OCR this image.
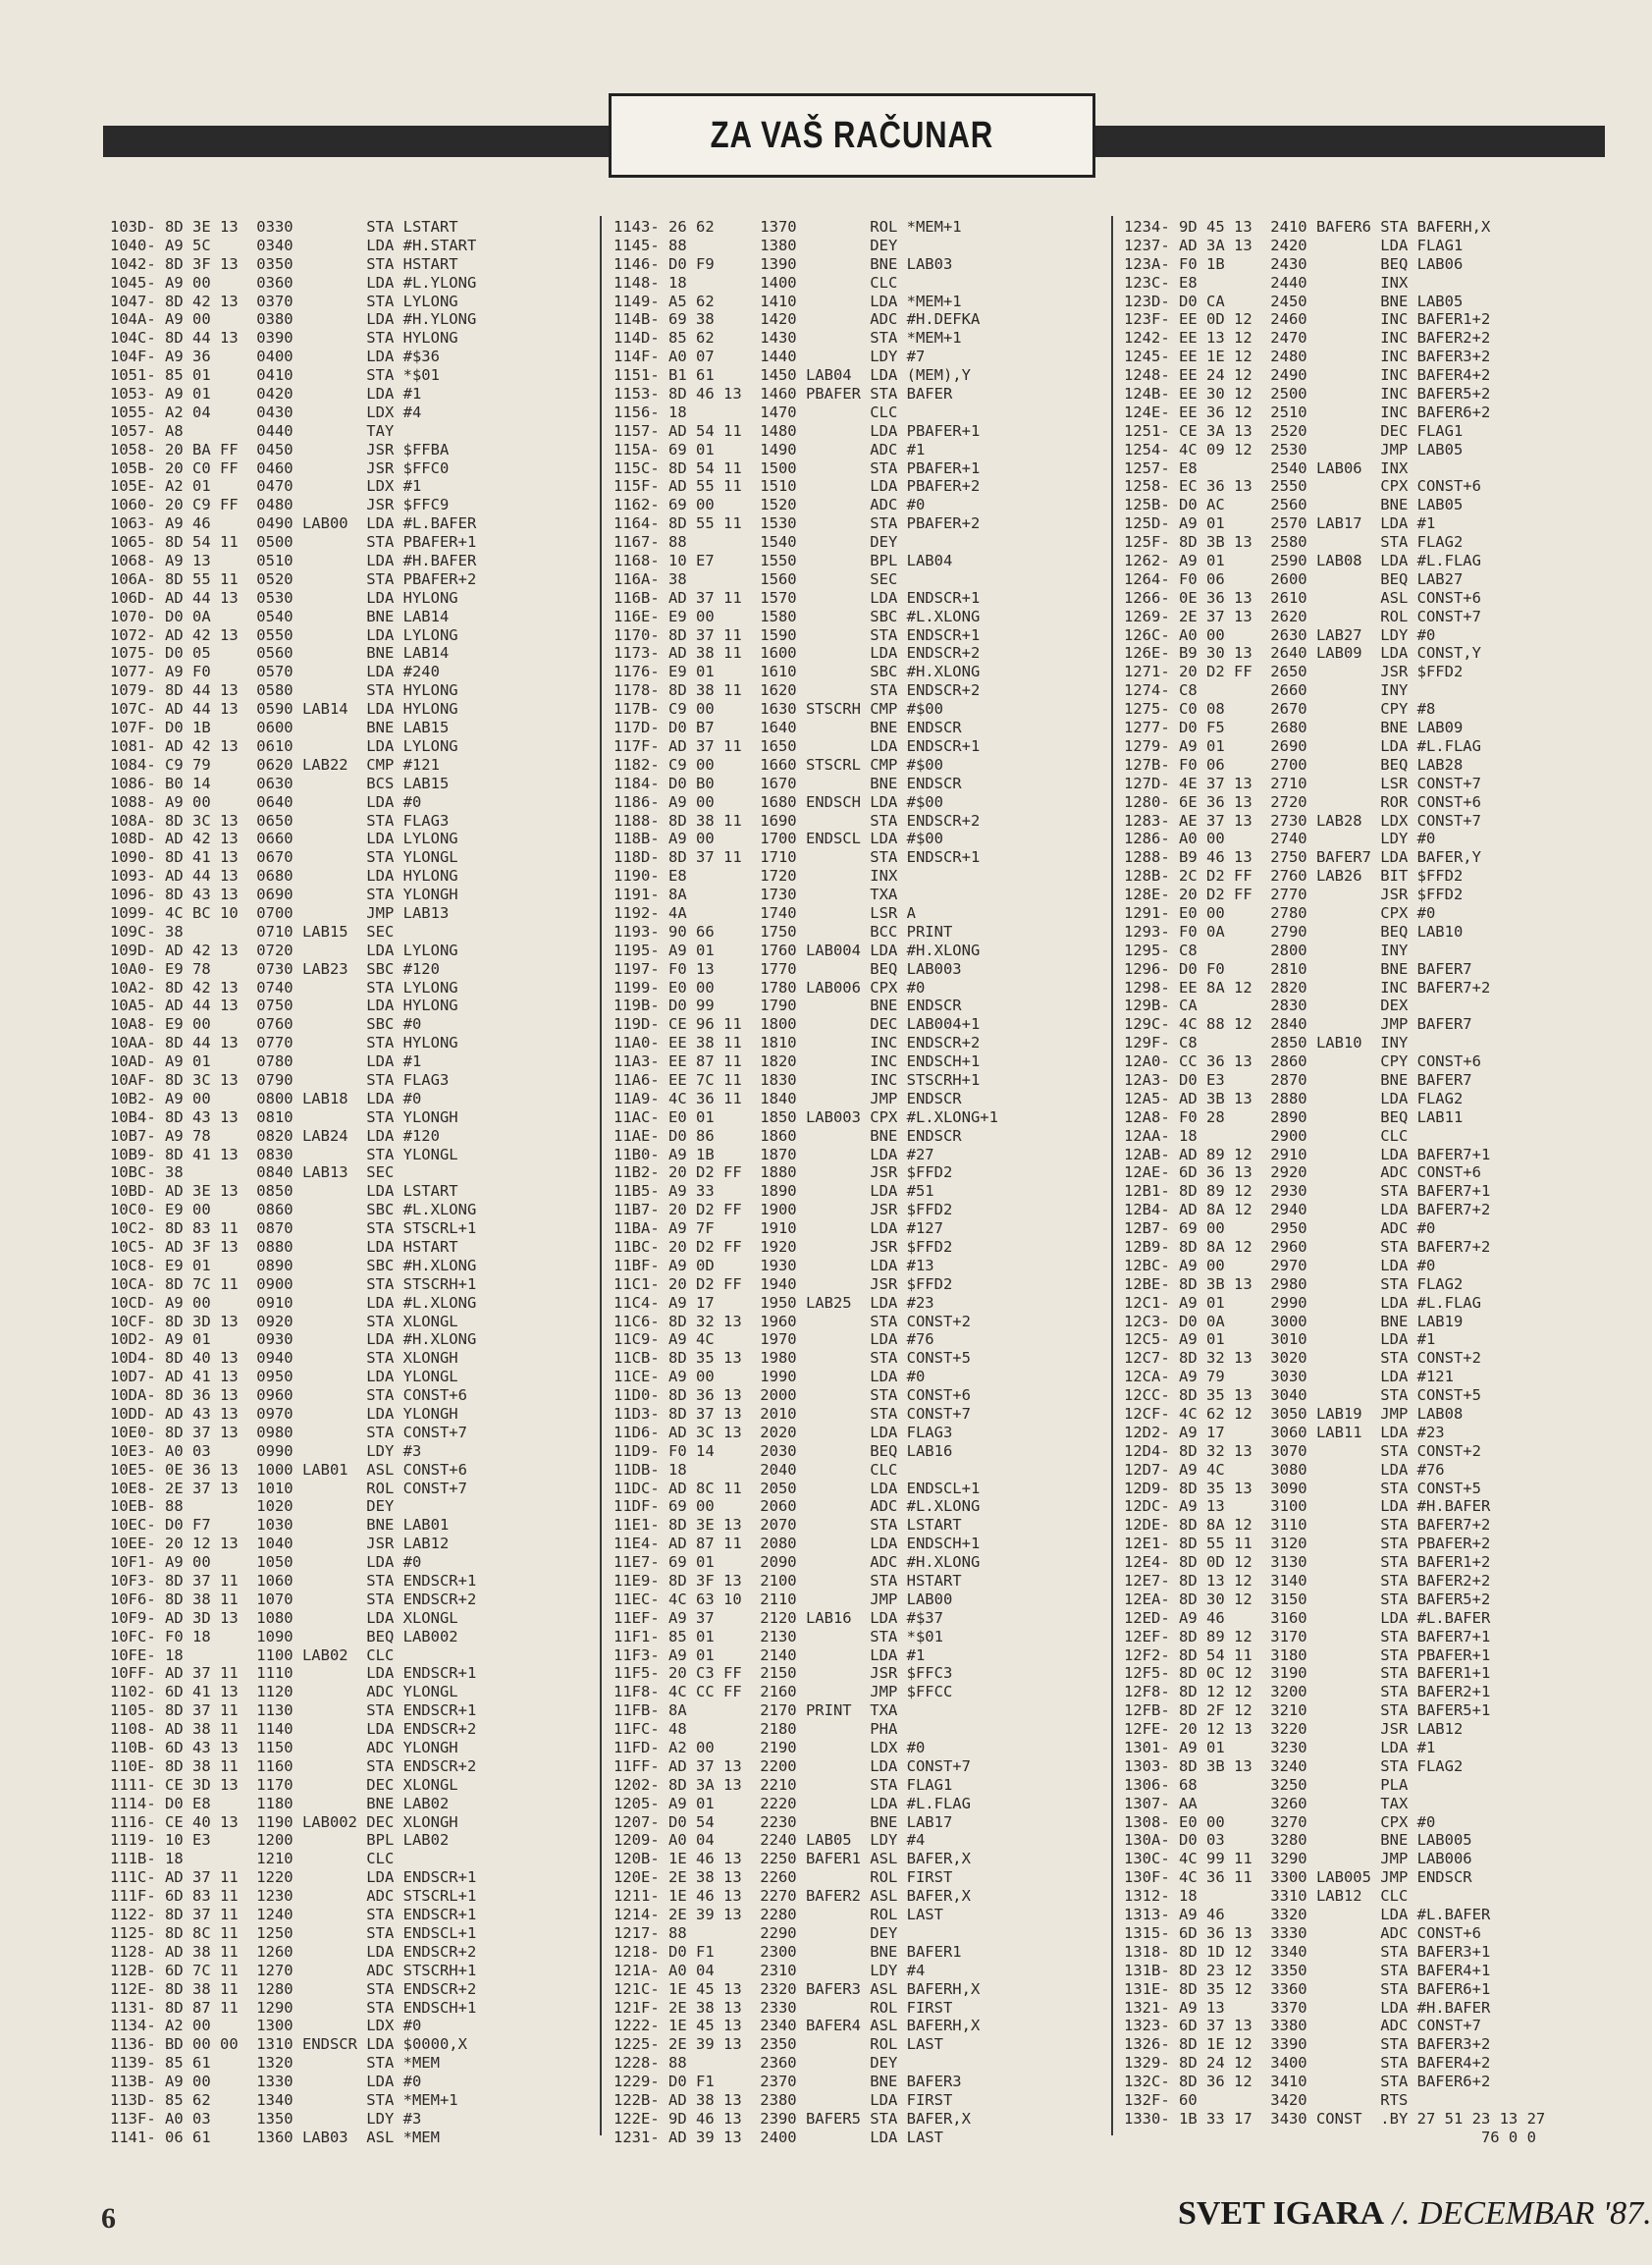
ZA VAŠ RAČUNAR
103D- 8D 3E 13  0330        STA LSTART
1040- A9 5C     0340        LDA #H.START
1042- 8D 3F 13  0350        STA HSTART
1045- A9 00     0360        LDA #L.YLONG
1047- 8D 42 13  0370        STA LYLONG
104A- A9 00     0380        LDA #H.YLONG
104C- 8D 44 13  0390        STA HYLONG
104F- A9 36     0400        LDA #$36
1051- 85 01     0410        STA *$01
1053- A9 01     0420        LDA #1
1055- A2 04     0430        LDX #4
1057- A8        0440        TAY
1058- 20 BA FF  0450        JSR $FFBA
105B- 20 C0 FF  0460        JSR $FFC0
105E- A2 01     0470        LDX #1
1060- 20 C9 FF  0480        JSR $FFC9
1063- A9 46     0490 LAB00  LDA #L.BAFER
1065- 8D 54 11  0500        STA PBAFER+1
1068- A9 13     0510        LDA #H.BAFER
106A- 8D 55 11  0520        STA PBAFER+2
106D- AD 44 13  0530        LDA HYLONG
1070- D0 0A     0540        BNE LAB14
1072- AD 42 13  0550        LDA LYLONG
1075- D0 05     0560        BNE LAB14
1077- A9 F0     0570        LDA #240
1079- 8D 44 13  0580        STA HYLONG
107C- AD 44 13  0590 LAB14  LDA HYLONG
107F- D0 1B     0600        BNE LAB15
1081- AD 42 13  0610        LDA LYLONG
1084- C9 79     0620 LAB22  CMP #121
1086- B0 14     0630        BCS LAB15
1088- A9 00     0640        LDA #0
108A- 8D 3C 13  0650        STA FLAG3
108D- AD 42 13  0660        LDA LYLONG
1090- 8D 41 13  0670        STA YLONGL
1093- AD 44 13  0680        LDA HYLONG
1096- 8D 43 13  0690        STA YLONGH
1099- 4C BC 10  0700        JMP LAB13
109C- 38        0710 LAB15  SEC
109D- AD 42 13  0720        LDA LYLONG
10A0- E9 78     0730 LAB23  SBC #120
10A2- 8D 42 13  0740        STA LYLONG
10A5- AD 44 13  0750        LDA HYLONG
10A8- E9 00     0760        SBC #0
10AA- 8D 44 13  0770        STA HYLONG
10AD- A9 01     0780        LDA #1
10AF- 8D 3C 13  0790        STA FLAG3
10B2- A9 00     0800 LAB18  LDA #0
10B4- 8D 43 13  0810        STA YLONGH
10B7- A9 78     0820 LAB24  LDA #120
10B9- 8D 41 13  0830        STA YLONGL
10BC- 38        0840 LAB13  SEC
10BD- AD 3E 13  0850        LDA LSTART
10C0- E9 00     0860        SBC #L.XLONG
10C2- 8D 83 11  0870        STA STSCRL+1
10C5- AD 3F 13  0880        LDA HSTART
10C8- E9 01     0890        SBC #H.XLONG
10CA- 8D 7C 11  0900        STA STSCRH+1
10CD- A9 00     0910        LDA #L.XLONG
10CF- 8D 3D 13  0920        STA XLONGL
10D2- A9 01     0930        LDA #H.XLONG
10D4- 8D 40 13  0940        STA XLONGH
10D7- AD 41 13  0950        LDA YLONGL
10DA- 8D 36 13  0960        STA CONST+6
10DD- AD 43 13  0970        LDA YLONGH
10E0- 8D 37 13  0980        STA CONST+7
10E3- A0 03     0990        LDY #3
10E5- 0E 36 13  1000 LAB01  ASL CONST+6
10E8- 2E 37 13  1010        ROL CONST+7
10EB- 88        1020        DEY
10EC- D0 F7     1030        BNE LAB01
10EE- 20 12 13  1040        JSR LAB12
10F1- A9 00     1050        LDA #0
10F3- 8D 37 11  1060        STA ENDSCR+1
10F6- 8D 38 11  1070        STA ENDSCR+2
10F9- AD 3D 13  1080        LDA XLONGL
10FC- F0 18     1090        BEQ LAB002
10FE- 18        1100 LAB02  CLC
10FF- AD 37 11  1110        LDA ENDSCR+1
1102- 6D 41 13  1120        ADC YLONGL
1105- 8D 37 11  1130        STA ENDSCR+1
1108- AD 38 11  1140        LDA ENDSCR+2
110B- 6D 43 13  1150        ADC YLONGH
110E- 8D 38 11  1160        STA ENDSCR+2
1111- CE 3D 13  1170        DEC XLONGL
1114- D0 E8     1180        BNE LAB02
1116- CE 40 13  1190 LAB002 DEC XLONGH
1119- 10 E3     1200        BPL LAB02
111B- 18        1210        CLC
111C- AD 37 11  1220        LDA ENDSCR+1
111F- 6D 83 11  1230        ADC STSCRL+1
1122- 8D 37 11  1240        STA ENDSCR+1
1125- 8D 8C 11  1250        STA ENDSCL+1
1128- AD 38 11  1260        LDA ENDSCR+2
112B- 6D 7C 11  1270        ADC STSCRH+1
112E- 8D 38 11  1280        STA ENDSCR+2
1131- 8D 87 11  1290        STA ENDSCH+1
1134- A2 00     1300        LDX #0
1136- BD 00 00  1310 ENDSCR LDA $0000,X
1139- 85 61     1320        STA *MEM
113B- A9 00     1330        LDA #0
113D- 85 62     1340        STA *MEM+1
113F- A0 03     1350        LDY #3
1141- 06 61     1360 LAB03  ASL *MEM
1143- 26 62     1370        ROL *MEM+1
1145- 88        1380        DEY
1146- D0 F9     1390        BNE LAB03
1148- 18        1400        CLC
1149- A5 62     1410        LDA *MEM+1
114B- 69 38     1420        ADC #H.DEFKA
114D- 85 62     1430        STA *MEM+1
114F- A0 07     1440        LDY #7
1151- B1 61     1450 LAB04  LDA (MEM),Y
1153- 8D 46 13  1460 PBAFER STA BAFER
1156- 18        1470        CLC
1157- AD 54 11  1480        LDA PBAFER+1
115A- 69 01     1490        ADC #1
115C- 8D 54 11  1500        STA PBAFER+1
115F- AD 55 11  1510        LDA PBAFER+2
1162- 69 00     1520        ADC #0
1164- 8D 55 11  1530        STA PBAFER+2
1167- 88        1540        DEY
1168- 10 E7     1550        BPL LAB04
116A- 38        1560        SEC
116B- AD 37 11  1570        LDA ENDSCR+1
116E- E9 00     1580        SBC #L.XLONG
1170- 8D 37 11  1590        STA ENDSCR+1
1173- AD 38 11  1600        LDA ENDSCR+2
1176- E9 01     1610        SBC #H.XLONG
1178- 8D 38 11  1620        STA ENDSCR+2
117B- C9 00     1630 STSCRH CMP #$00
117D- D0 B7     1640        BNE ENDSCR
117F- AD 37 11  1650        LDA ENDSCR+1
1182- C9 00     1660 STSCRL CMP #$00
1184- D0 B0     1670        BNE ENDSCR
1186- A9 00     1680 ENDSCH LDA #$00
1188- 8D 38 11  1690        STA ENDSCR+2
118B- A9 00     1700 ENDSCL LDA #$00
118D- 8D 37 11  1710        STA ENDSCR+1
1190- E8        1720        INX
1191- 8A        1730        TXA
1192- 4A        1740        LSR A
1193- 90 66     1750        BCC PRINT
1195- A9 01     1760 LAB004 LDA #H.XLONG
1197- F0 13     1770        BEQ LAB003
1199- E0 00     1780 LAB006 CPX #0
119B- D0 99     1790        BNE ENDSCR
119D- CE 96 11  1800        DEC LAB004+1
11A0- EE 38 11  1810        INC ENDSCR+2
11A3- EE 87 11  1820        INC ENDSCH+1
11A6- EE 7C 11  1830        INC STSCRH+1
11A9- 4C 36 11  1840        JMP ENDSCR
11AC- E0 01     1850 LAB003 CPX #L.XLONG+1
11AE- D0 86     1860        BNE ENDSCR
11B0- A9 1B     1870        LDA #27
11B2- 20 D2 FF  1880        JSR $FFD2
11B5- A9 33     1890        LDA #51
11B7- 20 D2 FF  1900        JSR $FFD2
11BA- A9 7F     1910        LDA #127
11BC- 20 D2 FF  1920        JSR $FFD2
11BF- A9 0D     1930        LDA #13
11C1- 20 D2 FF  1940        JSR $FFD2
11C4- A9 17     1950 LAB25  LDA #23
11C6- 8D 32 13  1960        STA CONST+2
11C9- A9 4C     1970        LDA #76
11CB- 8D 35 13  1980        STA CONST+5
11CE- A9 00     1990        LDA #0
11D0- 8D 36 13  2000        STA CONST+6
11D3- 8D 37 13  2010        STA CONST+7
11D6- AD 3C 13  2020        LDA FLAG3
11D9- F0 14     2030        BEQ LAB16
11DB- 18        2040        CLC
11DC- AD 8C 11  2050        LDA ENDSCL+1
11DF- 69 00     2060        ADC #L.XLONG
11E1- 8D 3E 13  2070        STA LSTART
11E4- AD 87 11  2080        LDA ENDSCH+1
11E7- 69 01     2090        ADC #H.XLONG
11E9- 8D 3F 13  2100        STA HSTART
11EC- 4C 63 10  2110        JMP LAB00
11EF- A9 37     2120 LAB16  LDA #$37
11F1- 85 01     2130        STA *$01
11F3- A9 01     2140        LDA #1
11F5- 20 C3 FF  2150        JSR $FFC3
11F8- 4C CC FF  2160        JMP $FFCC
11FB- 8A        2170 PRINT  TXA
11FC- 48        2180        PHA
11FD- A2 00     2190        LDX #0
11FF- AD 37 13  2200        LDA CONST+7
1202- 8D 3A 13  2210        STA FLAG1
1205- A9 01     2220        LDA #L.FLAG
1207- D0 54     2230        BNE LAB17
1209- A0 04     2240 LAB05  LDY #4
120B- 1E 46 13  2250 BAFER1 ASL BAFER,X
120E- 2E 38 13  2260        ROL FIRST
1211- 1E 46 13  2270 BAFER2 ASL BAFER,X
1214- 2E 39 13  2280        ROL LAST
1217- 88        2290        DEY
1218- D0 F1     2300        BNE BAFER1
121A- A0 04     2310        LDY #4
121C- 1E 45 13  2320 BAFER3 ASL BAFERH,X
121F- 2E 38 13  2330        ROL FIRST
1222- 1E 45 13  2340 BAFER4 ASL BAFERH,X
1225- 2E 39 13  2350        ROL LAST
1228- 88        2360        DEY
1229- D0 F1     2370        BNE BAFER3
122B- AD 38 13  2380        LDA FIRST
122E- 9D 46 13  2390 BAFER5 STA BAFER,X
1231- AD 39 13  2400        LDA LAST
1234- 9D 45 13  2410 BAFER6 STA BAFERH,X
1237- AD 3A 13  2420        LDA FLAG1
123A- F0 1B     2430        BEQ LAB06
123C- E8        2440        INX
123D- D0 CA     2450        BNE LAB05
123F- EE 0D 12  2460        INC BAFER1+2
1242- EE 13 12  2470        INC BAFER2+2
1245- EE 1E 12  2480        INC BAFER3+2
1248- EE 24 12  2490        INC BAFER4+2
124B- EE 30 12  2500        INC BAFER5+2
124E- EE 36 12  2510        INC BAFER6+2
1251- CE 3A 13  2520        DEC FLAG1
1254- 4C 09 12  2530        JMP LAB05
1257- E8        2540 LAB06  INX
1258- EC 36 13  2550        CPX CONST+6
125B- D0 AC     2560        BNE LAB05
125D- A9 01     2570 LAB17  LDA #1
125F- 8D 3B 13  2580        STA FLAG2
1262- A9 01     2590 LAB08  LDA #L.FLAG
1264- F0 06     2600        BEQ LAB27
1266- 0E 36 13  2610        ASL CONST+6
1269- 2E 37 13  2620        ROL CONST+7
126C- A0 00     2630 LAB27  LDY #0
126E- B9 30 13  2640 LAB09  LDA CONST,Y
1271- 20 D2 FF  2650        JSR $FFD2
1274- C8        2660        INY
1275- C0 08     2670        CPY #8
1277- D0 F5     2680        BNE LAB09
1279- A9 01     2690        LDA #L.FLAG
127B- F0 06     2700        BEQ LAB28
127D- 4E 37 13  2710        LSR CONST+7
1280- 6E 36 13  2720        ROR CONST+6
1283- AE 37 13  2730 LAB28  LDX CONST+7
1286- A0 00     2740        LDY #0
1288- B9 46 13  2750 BAFER7 LDA BAFER,Y
128B- 2C D2 FF  2760 LAB26  BIT $FFD2
128E- 20 D2 FF  2770        JSR $FFD2
1291- E0 00     2780        CPX #0
1293- F0 0A     2790        BEQ LAB10
1295- C8        2800        INY
1296- D0 F0     2810        BNE BAFER7
1298- EE 8A 12  2820        INC BAFER7+2
129B- CA        2830        DEX
129C- 4C 88 12  2840        JMP BAFER7
129F- C8        2850 LAB10  INY
12A0- CC 36 13  2860        CPY CONST+6
12A3- D0 E3     2870        BNE BAFER7
12A5- AD 3B 13  2880        LDA FLAG2
12A8- F0 28     2890        BEQ LAB11
12AA- 18        2900        CLC
12AB- AD 89 12  2910        LDA BAFER7+1
12AE- 6D 36 13  2920        ADC CONST+6
12B1- 8D 89 12  2930        STA BAFER7+1
12B4- AD 8A 12  2940        LDA BAFER7+2
12B7- 69 00     2950        ADC #0
12B9- 8D 8A 12  2960        STA BAFER7+2
12BC- A9 00     2970        LDA #0
12BE- 8D 3B 13  2980        STA FLAG2
12C1- A9 01     2990        LDA #L.FLAG
12C3- D0 0A     3000        BNE LAB19
12C5- A9 01     3010        LDA #1
12C7- 8D 32 13  3020        STA CONST+2
12CA- A9 79     3030        LDA #121
12CC- 8D 35 13  3040        STA CONST+5
12CF- 4C 62 12  3050 LAB19  JMP LAB08
12D2- A9 17     3060 LAB11  LDA #23
12D4- 8D 32 13  3070        STA CONST+2
12D7- A9 4C     3080        LDA #76
12D9- 8D 35 13  3090        STA CONST+5
12DC- A9 13     3100        LDA #H.BAFER
12DE- 8D 8A 12  3110        STA BAFER7+2
12E1- 8D 55 11  3120        STA PBAFER+2
12E4- 8D 0D 12  3130        STA BAFER1+2
12E7- 8D 13 12  3140        STA BAFER2+2
12EA- 8D 30 12  3150        STA BAFER5+2
12ED- A9 46     3160        LDA #L.BAFER
12EF- 8D 89 12  3170        STA BAFER7+1
12F2- 8D 54 11  3180        STA PBAFER+1
12F5- 8D 0C 12  3190        STA BAFER1+1
12F8- 8D 12 12  3200        STA BAFER2+1
12FB- 8D 2F 12  3210        STA BAFER5+1
12FE- 20 12 13  3220        JSR LAB12
1301- A9 01     3230        LDA #1
1303- 8D 3B 13  3240        STA FLAG2
1306- 68        3250        PLA
1307- AA        3260        TAX
1308- E0 00     3270        CPX #0
130A- D0 03     3280        BNE LAB005
130C- 4C 99 11  3290        JMP LAB006
130F- 4C 36 11  3300 LAB005 JMP ENDSCR
1312- 18        3310 LAB12  CLC
1313- A9 46     3320        LDA #L.BAFER
1315- 6D 36 13  3330        ADC CONST+6
1318- 8D 1D 12  3340        STA BAFER3+1
131B- 8D 23 12  3350        STA BAFER4+1
131E- 8D 35 12  3360        STA BAFER6+1
1321- A9 13     3370        LDA #H.BAFER
1323- 6D 37 13  3380        ADC CONST+7
1326- 8D 1E 12  3390        STA BAFER3+2
1329- 8D 24 12  3400        STA BAFER4+2
132C- 8D 36 12  3410        STA BAFER6+2
132F- 60        3420        RTS
1330- 1B 33 17  3430 CONST  .BY 27 51 23 13 27
76 0 0
6	SVET IGARA /. DECEMBAR '87.
